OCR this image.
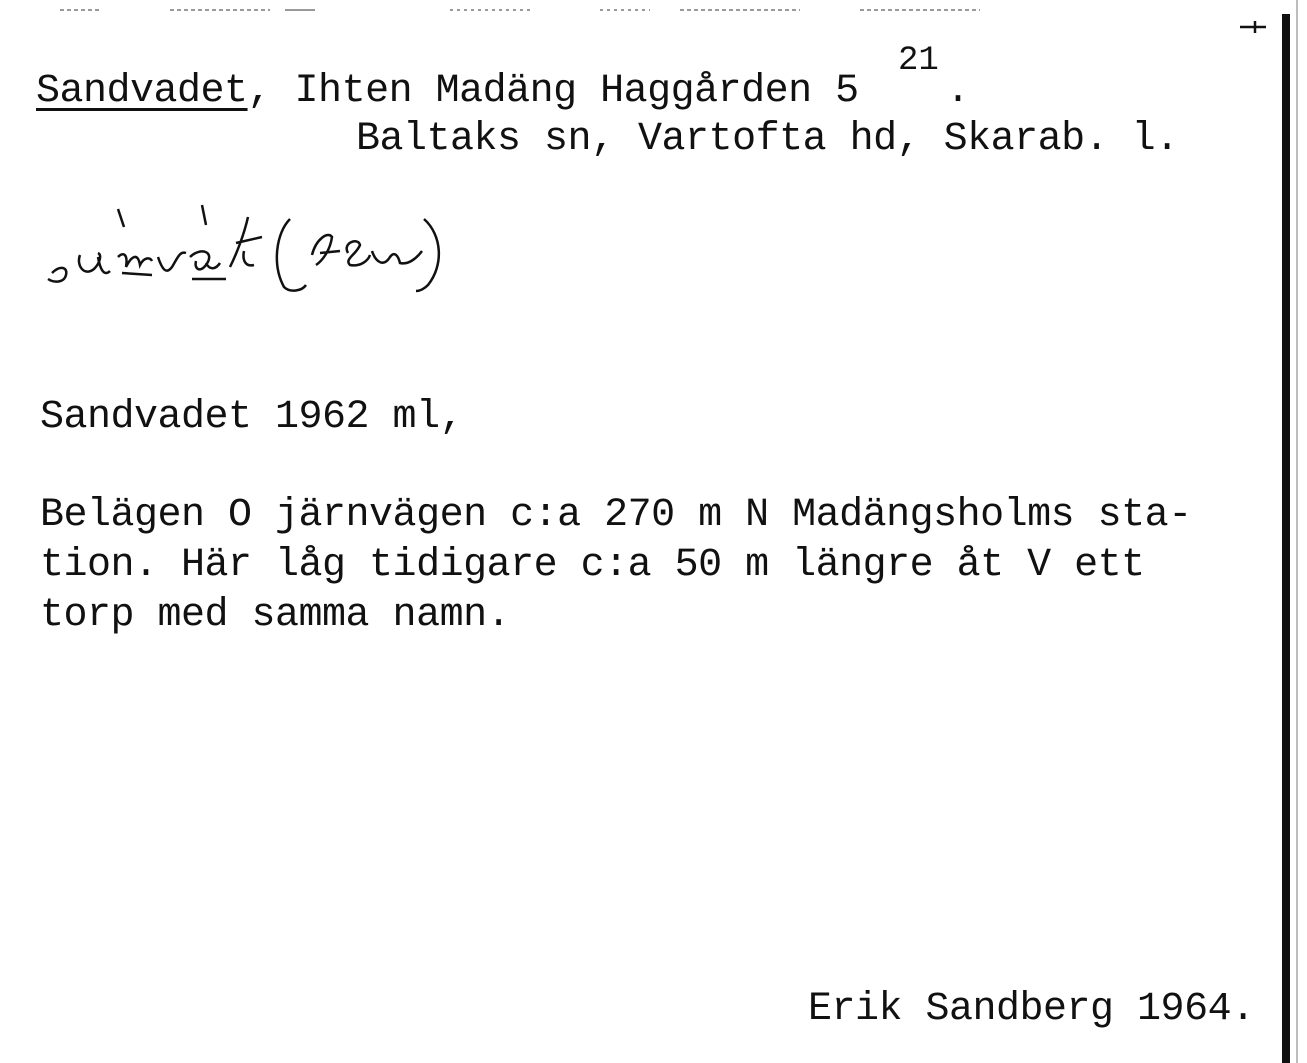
Sandvadet, Ihten Madäng Haggården 5
21
.
Baltaks sn, Vartofta hd, Skarab. l.
Sandvadet 1962 ml,
Belägen O järnvägen c:a 270 m N Madängsholms sta-
tion. Här låg tidigare c:a 50 m längre åt V ett
torp med samma namn.
Erik Sandberg 1964.
